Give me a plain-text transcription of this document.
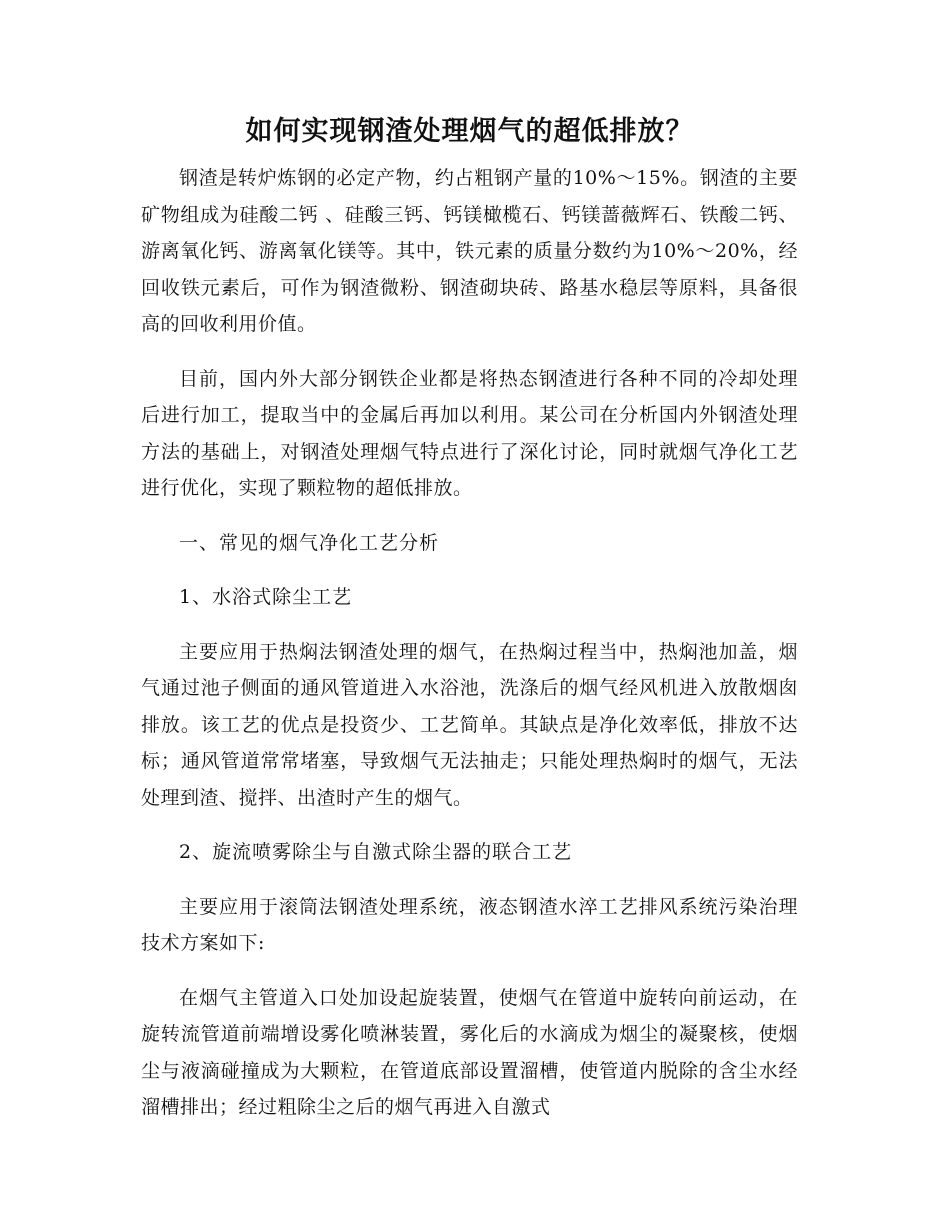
如何实现钢渣处理烟气的超低排放？

钢渣是转炉炼钢的必定产物，约占粗钢产量的10%～15%。钢渣的主要矿物组成为硅酸二钙 、硅酸三钙、钙镁橄榄石、钙镁蔷薇辉石、铁酸二钙、游离氧化钙、游离氧化镁等。其中，铁元素的质量分数约为10%～20%，经回收铁元素后，可作为钢渣微粉、钢渣砌块砖、路基水稳层等原料，具备很高的回收利用价值。

目前，国内外大部分钢铁企业都是将热态钢渣进行各种不同的冷却处理后进行加工，提取当中的金属后再加以利用。某公司在分析国内外钢渣处理方法的基础上，对钢渣处理烟气特点进行了深化讨论，同时就烟气净化工艺进行优化，实现了颗粒物的超低排放。

一、常见的烟气净化工艺分析

1、水浴式除尘工艺

主要应用于热焖法钢渣处理的烟气，在热焖过程当中，热焖池加盖，烟气通过池子侧面的通风管道进入水浴池，洗涤后的烟气经风机进入放散烟囱排放。该工艺的优点是投资少、工艺简单。其缺点是净化效率低，排放不达标；通风管道常常堵塞，导致烟气无法抽走；只能处理热焖时的烟气，无法处理到渣、搅拌、出渣时产生的烟气。

2、旋流喷雾除尘与自激式除尘器的联合工艺

主要应用于滚筒法钢渣处理系统，液态钢渣水淬工艺排风系统污染治理技术方案如下:

在烟气主管道入口处加设起旋装置，使烟气在管道中旋转向前运动，在旋转流管道前端增设雾化喷淋装置，雾化后的水滴成为烟尘的凝聚核，使烟尘与液滴碰撞成为大颗粒，在管道底部设置溜槽，使管道内脱除的含尘水经溜槽排出；经过粗除尘之后的烟气再进入自激式
